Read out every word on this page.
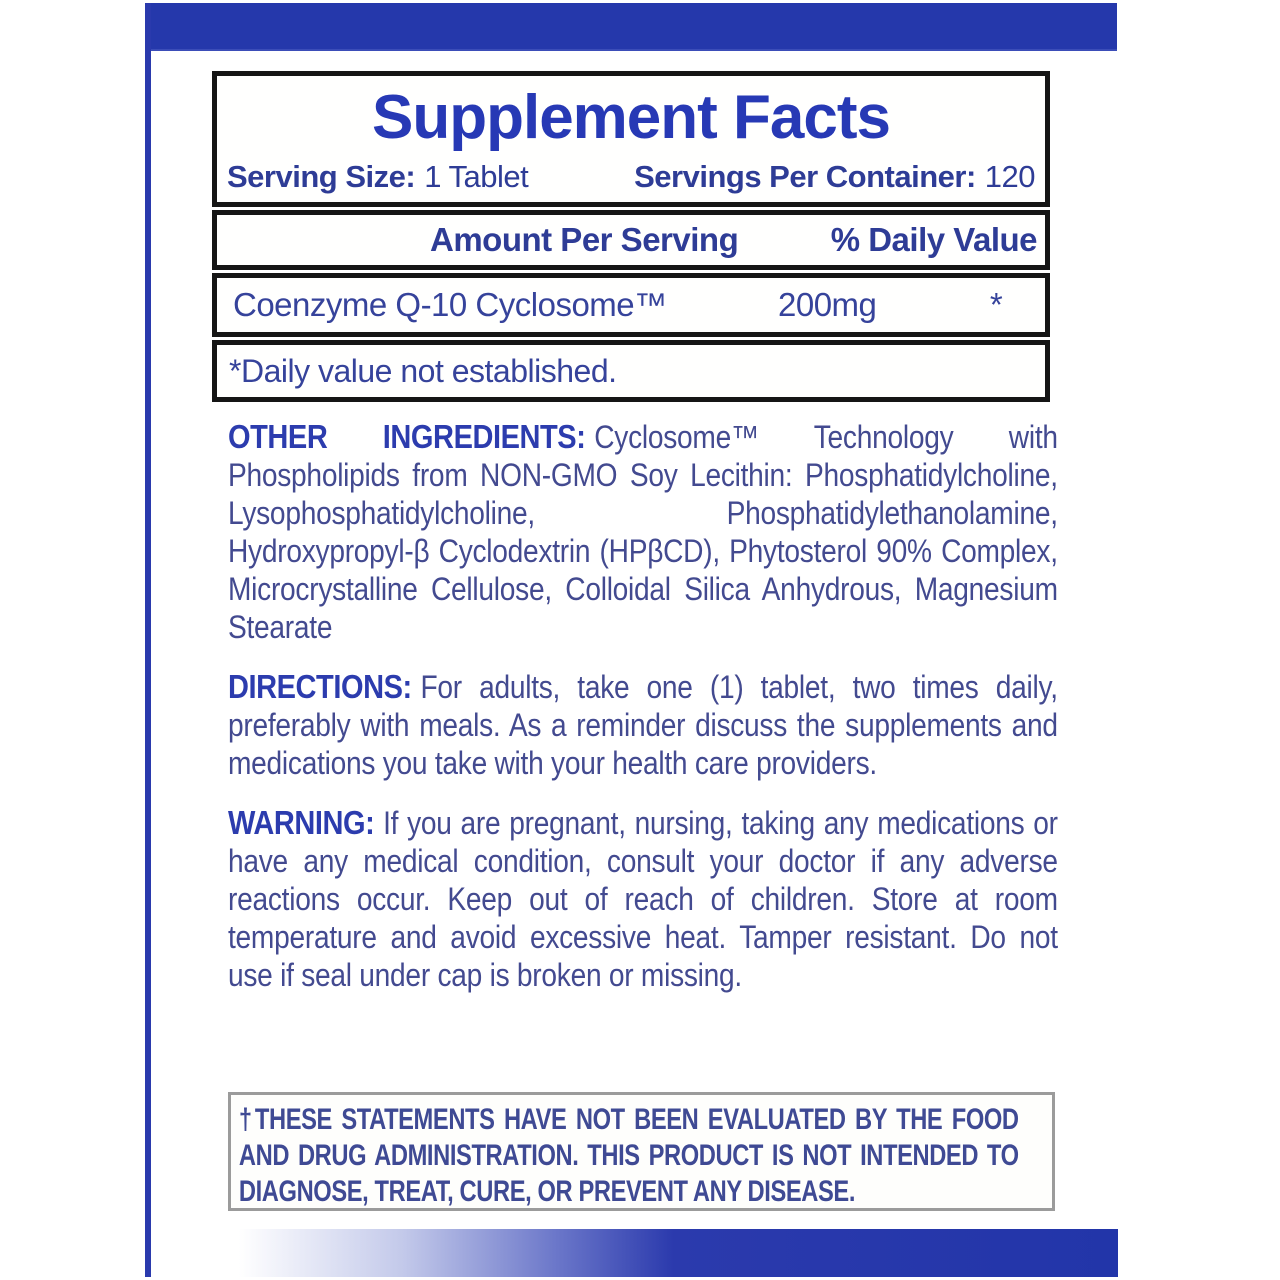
Supplement Facts
Serving Size: 1 Tablet	Servings Per Container: 120
Amount Per Serving	% Daily Value
Coenzyme Q-10 Cyclosome™	200mg	*
*Daily value not established.

OTHER INGREDIENTS: Cyclosome™ Technology with Phospholipids from NON-GMO Soy Lecithin: Phosphatidylcholine, Lysophosphatidylcholine, Phosphatidylethanolamine, Hydroxypropyl-β Cyclodextrin (HPβCD), Phytosterol 90% Complex, Microcrystalline Cellulose, Colloidal Silica Anhydrous, Magnesium Stearate

DIRECTIONS: For adults, take one (1) tablet, two times daily, preferably with meals. As a reminder discuss the supplements and medications you take with your health care providers.

WARNING: If you are pregnant, nursing, taking any medications or have any medical condition, consult your doctor if any adverse reactions occur. Keep out of reach of children. Store at room temperature and avoid excessive heat. Tamper resistant. Do not use if seal under cap is broken or missing.

†THESE STATEMENTS HAVE NOT BEEN EVALUATED BY THE FOOD AND DRUG ADMINISTRATION. THIS PRODUCT IS NOT INTENDED TO DIAGNOSE, TREAT, CURE, OR PREVENT ANY DISEASE.
